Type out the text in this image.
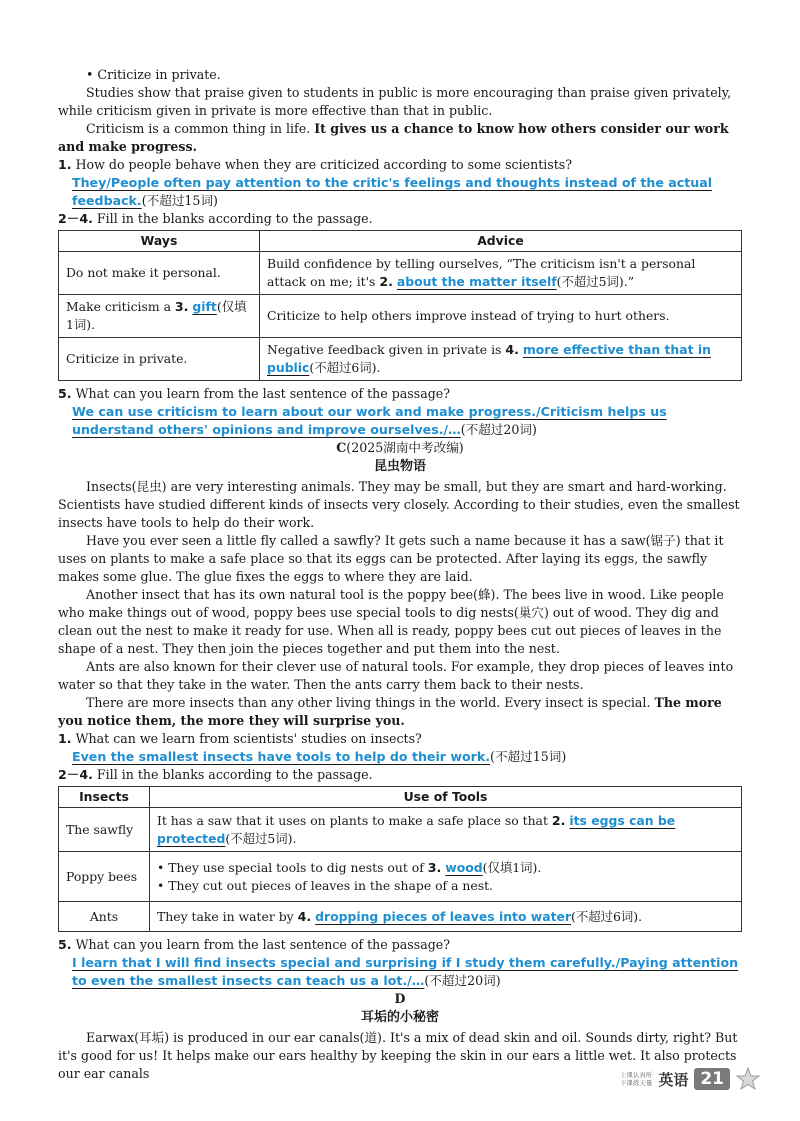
• Criticize in private.

Studies show that praise given to students in public is more encouraging than praise given privately, while criticism given in private is more effective than that in public.

Criticism is a common thing in life. It gives us a chance to know how others consider our work and make progress.

1. How do people behave when they are criticized according to some scientists?

They/People often pay attention to the critic's feelings and thoughts instead of the actual feedback.(不超过15词)

2－4. Fill in the blanks according to the passage.

Ways	Advice
Do not make it personal.	Build confidence by telling ourselves, “The criticism isn't a personal attack on me; it's 2. about the matter itself(不超过5词).”
Make criticism a 3. gift(仅填1词).	Criticize to help others improve instead of trying to hurt others.
Criticize in private.	Negative feedback given in private is 4. more effective than that in public(不超过6词).

5. What can you learn from the last sentence of the passage?

We can use criticism to learn about our work and make progress./Criticism helps us understand others' opinions and improve ourselves./…(不超过20词)

C(2025湖南中考改编)

昆虫物语

Insects(昆虫) are very interesting animals. They may be small, but they are smart and hard-working. Scientists have studied different kinds of insects very closely. According to their studies, even the smallest insects have tools to help do their work.

Have you ever seen a little fly called a sawfly? It gets such a name because it has a saw(锯子) that it uses on plants to make a safe place so that its eggs can be protected. After laying its eggs, the sawfly makes some glue. The glue fixes the eggs to where they are laid.

Another insect that has its own natural tool is the poppy bee(蜂). The bees live in wood. Like people who make things out of wood, poppy bees use special tools to dig nests(巢穴) out of wood. They dig and clean out the nest to make it ready for use. When all is ready, poppy bees cut out pieces of leaves in the shape of a nest. They then join the pieces together and put them into the nest.

Ants are also known for their clever use of natural tools. For example, they drop pieces of leaves into water so that they take in the water. Then the ants carry them back to their nests.

There are more insects than any other living things in the world. Every insect is special. The more you notice them, the more they will surprise you.

1. What can we learn from scientists' studies on insects?

Even the smallest insects have tools to help do their work.(不超过15词)

2－4. Fill in the blanks according to the passage.

Insects	Use of Tools
The sawfly	It has a saw that it uses on plants to make a safe place so that 2. its eggs can be protected(不超过5词).
Poppy bees	• They use special tools to dig nests out of 3. wood(仅填1词).
• They cut out pieces of leaves in the shape of a nest.

Ants	They take in water by 4. dropping pieces of leaves into water(不超过6词).

5. What can you learn from the last sentence of the passage?

I learn that I will find insects special and surprising if I study them carefully./Paying attention to even the smallest insects can teach us a lot./…(不超过20词)

D

耳垢的小秘密

Earwax(耳垢) is produced in our ear canals(道). It's a mix of dead skin and oil. Sounds dirty, right? But it's good for us! It helps make our ears healthy by keeping the skin in our ears a little wet. It also protects our ear canals	上课认真听
下课练天量 英语 21
